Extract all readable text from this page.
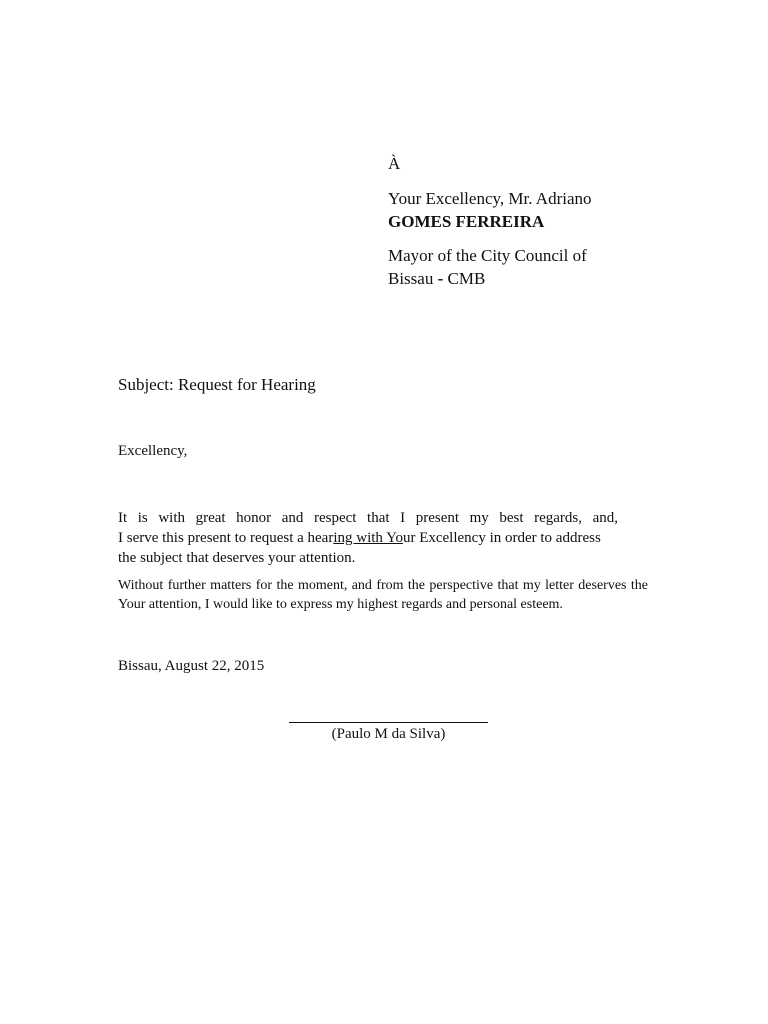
À

Your Excellency, Mr. Adriano

GOMES FERREIRA

Mayor of the City Council of

Bissau - CMB

Subject: Request for Hearing
Excellency,
It is with great honor and respect that I present my best regards, and,
I serve this present to request a hearing with Your Excellency in order to address
the subject that deserves your attention.
Without further matters for the moment, and from the perspective that my letter deserves the
Your attention, I would like to express my highest regards and personal esteem.
Bissau, August 22, 2015
(Paulo M da Silva)
